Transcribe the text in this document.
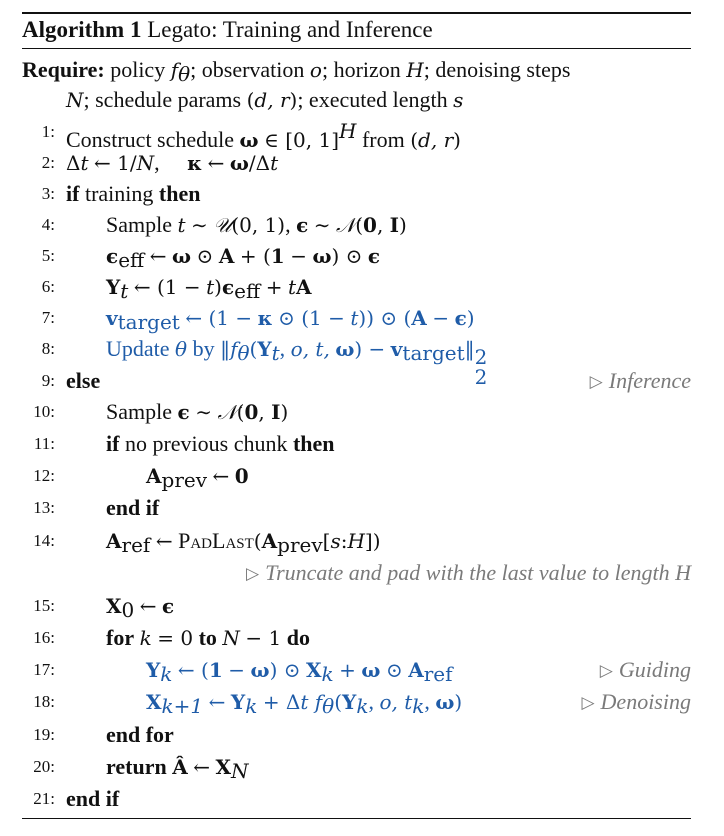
Algorithm 1 Legato: Training and Inference
Require: policy $f_\theta$; observation o; horizon H; denoising steps
N; schedule params (d, r); executed length s
1: Construct schedule ω ∈ [0, 1]$^H$ from (d, r)
2: Δt ← 1/N,     κ ← ω/Δt
3: if training then
4: Sample t ∼ 𝒰(0, 1), ϵ ∼ 𝒩(0, I)
5:	$\epsilon_{eff}$ ← ω ⊙ A + (1 − ω) ⊙ ϵ
6:	$Y_t$ ← $(1 - t)\epsilon_{eff}$ + tA
7:	$v_{target}$ ← (1 − κ ⊙ (1 − t)) ⊙ (A − ϵ)
8: Update θ by $‖f_\theta(Y_t$, o, t, $\omega) - v_{target}‖$ 2
2
9: else	▷ Inference
10: Sample ϵ ∼ 𝒩(0, I)
11: if no previous chunk then
12:	$A_{prev}$ ← 0
13: end if
14:	$A_{ref}$ ← $PadLast(A_{prev}[s:H])$
▷ Truncate and pad with the last value to length H
15:	$X_0$ ← ϵ
16: for k = 0 to N − 1 do
17:	$Y_k$ ← (1 − ω) ⊙ $X_k + \omega$ ⊙ $A_{ref}$	▷ Guiding
18:	$X_{k+1}$ ← $Y_k + \Delta t$ $f_\theta(Y_k$, o, $t_k$, ω)	▷ Denoising
19: end for
20: return Â ← $X_N$
21: end if
